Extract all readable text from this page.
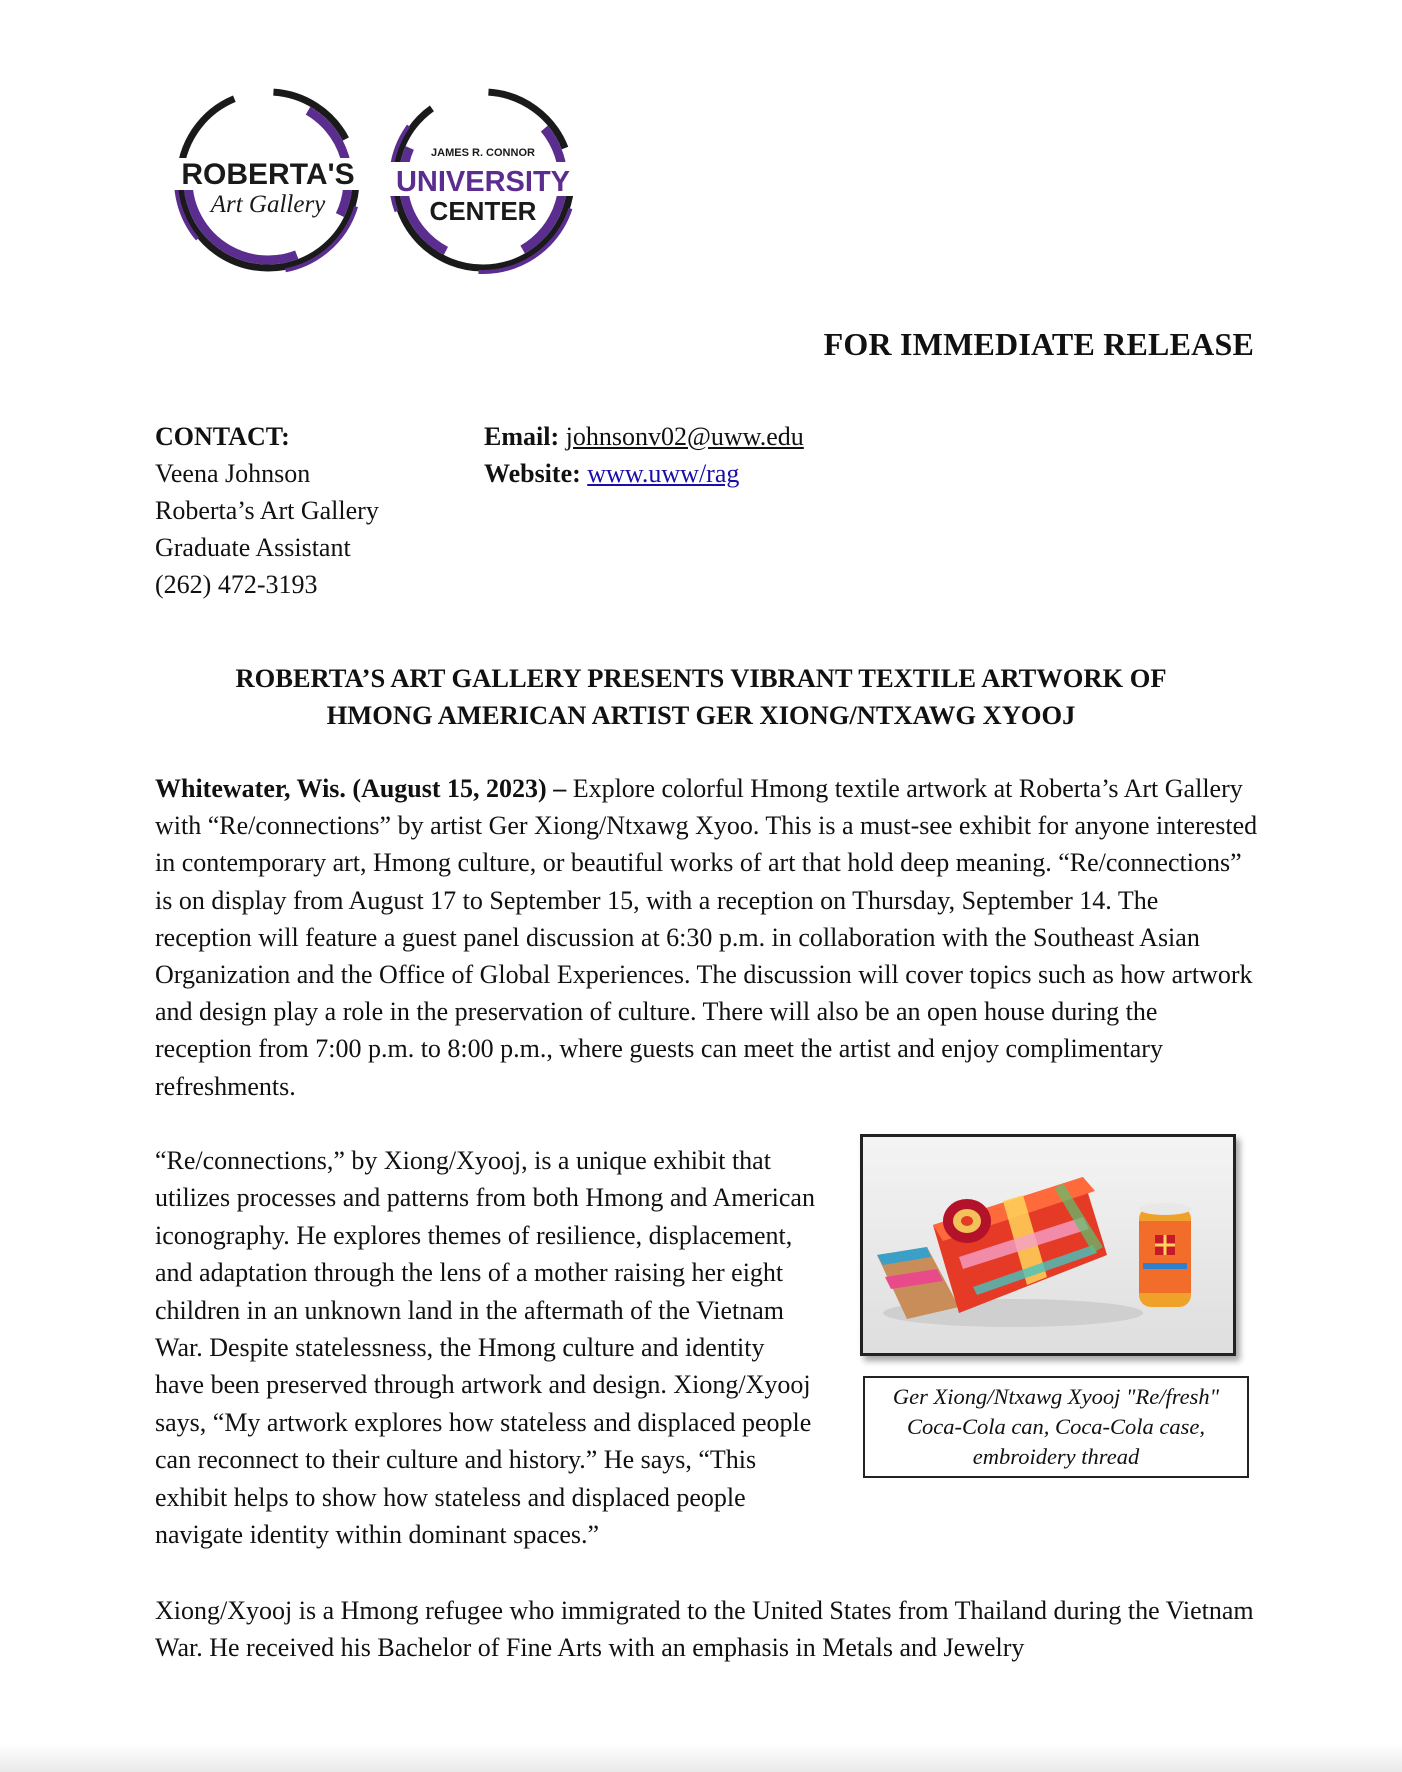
ROBERTA'S
Art Gallery
JAMES R. CONNOR
UNIVERSITY
CENTER
FOR IMMEDIATE RELEASE
CONTACT:
Veena Johnson
Roberta’s Art Gallery
Graduate Assistant
(262) 472-3193
Email: johnsonv02@uww.edu
Website: www.uww/rag
ROBERTA’S ART GALLERY PRESENTS VIBRANT TEXTILE ARTWORK OF
HMONG AMERICAN ARTIST GER XIONG/NTXAWG XYOOJ
Whitewater, Wis. (August 15, 2023) – Explore colorful Hmong textile artwork at Roberta’s Art Gallery with “Re/connections” by artist Ger Xiong/Ntxawg Xyoo. This is a must-see exhibit for anyone interested in contemporary art, Hmong culture, or beautiful works of art that hold deep meaning. “Re/connections” is on display from August 17 to September 15, with a reception on Thursday, September 14. The reception will feature a guest panel discussion at 6:30 p.m. in collaboration with the Southeast Asian Organization and the Office of Global Experiences. The discussion will cover topics such as how artwork and design play a role in the preservation of culture. There will also be an open house during the reception from 7:00 p.m. to 8:00 p.m., where guests can meet the artist and enjoy complimentary refreshments.
“Re/connections,” by Xiong/Xyooj, is a unique exhibit that utilizes processes and patterns from both Hmong and American iconography. He explores themes of resilience, displacement, and adaptation through the lens of a mother raising her eight children in an unknown land in the aftermath of the Vietnam War. Despite statelessness, the Hmong culture and identity have been preserved through artwork and design. Xiong/Xyooj says, “My artwork explores how stateless and displaced people can reconnect to their culture and history.” He says, “This exhibit helps to show how stateless and displaced people navigate identity within dominant spaces.”
Ger Xiong/Ntxawg Xyooj "Re/fresh"
Coca-Cola can, Coca-Cola case,
embroidery thread
Xiong/Xyooj is a Hmong refugee who immigrated to the United States from Thailand during the Vietnam War. He received his Bachelor of Fine Arts with an emphasis in Metals and Jewelry
